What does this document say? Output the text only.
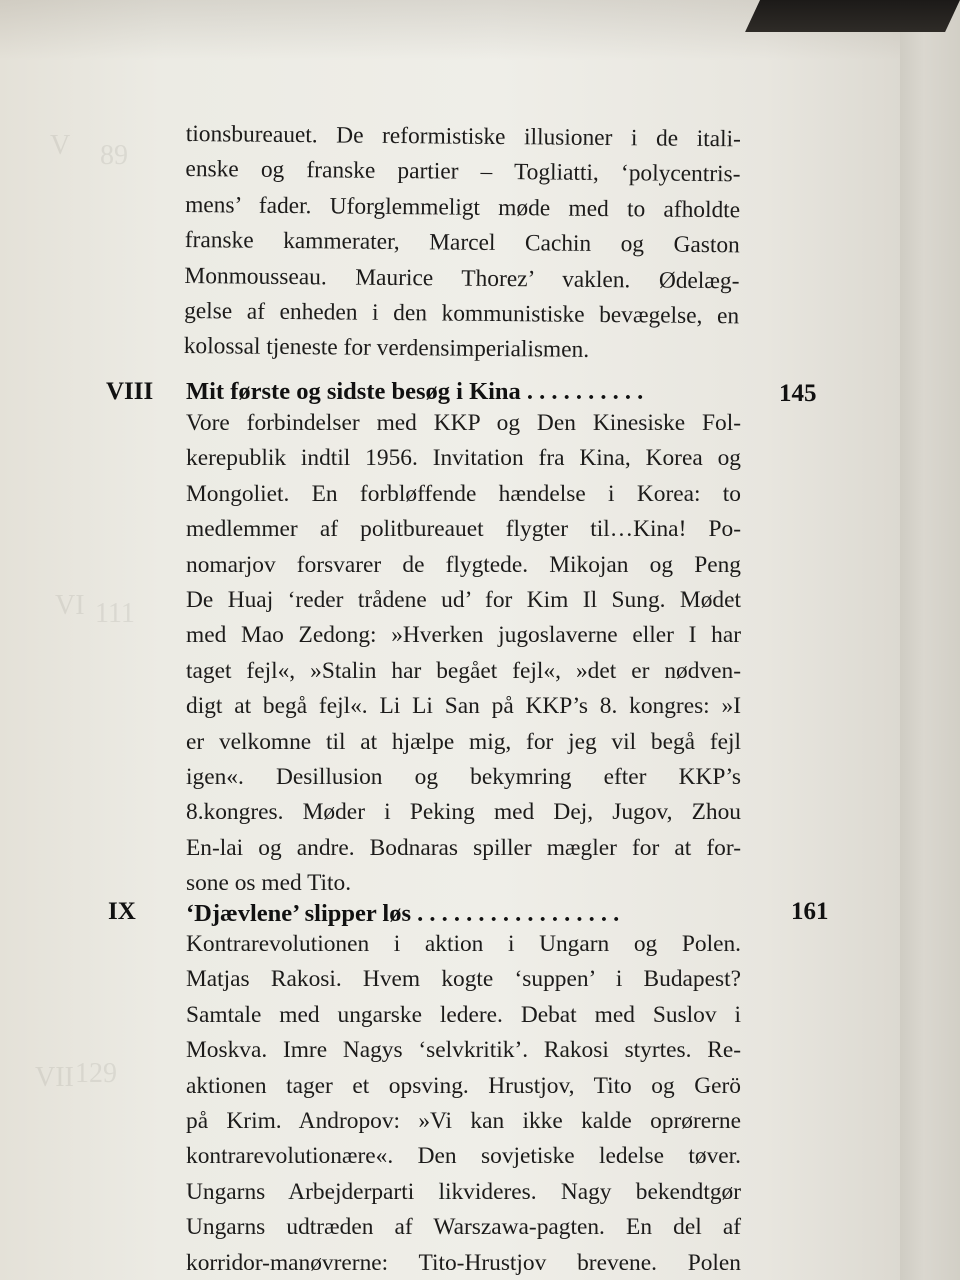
89
V
111
VI
129
VII
tionsbureauet. De reformistiske illusioner i de itali-
enske og franske partier – Togliatti, ‘polycentris-
mens’ fader. Uforglemmeligt møde med to afholdte
franske kammerater, Marcel Cachin og Gaston
Monmousseau. Maurice Thorez’ vaklen. Ødelæg-
gelse af enheden i den kommunistiske bevægelse, en
kolossal tjeneste for verdensimperialismen.
VIII Mit første og sidste besøg i Kina . . . . . . . . . .	145
Vore forbindelser med KKP og Den Kinesiske Fol-
kerepublik indtil 1956. Invitation fra Kina, Korea og
Mongoliet. En forbløffende hændelse i Korea: to
medlemmer af politbureauet flygter til…Kina! Po-
nomarjov forsvarer de flygtede. Mikojan og Peng
De Huaj ‘reder trådene ud’ for Kim Il Sung. Mødet
med Mao Zedong: »Hverken jugoslaverne eller I har
taget fejl«, »Stalin har begået fejl«, »det er nødven-
digt at begå fejl«. Li Li San på KKP’s 8. kongres: »I
er velkomne til at hjælpe mig, for jeg vil begå fejl
igen«. Desillusion og bekymring efter KKP’s
8.kongres. Møder i Peking med Dej, Jugov, Zhou
En-lai og andre. Bodnaras spiller mægler for at for-
sone os med Tito.
IX ‘Djævlene’ slipper løs . . . . . . . . . . . . . . . . .	161
Kontrarevolutionen i aktion i Ungarn og Polen.
Matjas Rakosi. Hvem kogte ‘suppen’ i Budapest?
Samtale med ungarske ledere. Debat med Suslov i
Moskva. Imre Nagys ‘selvkritik’. Rakosi styrtes. Re-
aktionen tager et opsving. Hrustjov, Tito og Gerö
på Krim. Andropov: »Vi kan ikke kalde oprørerne
kontrarevolutionære«. Den sovjetiske ledelse tøver.
Ungarns Arbejderparti likvideres. Nagy bekendtgør
Ungarns udtræden af Warszawa-pagten. En del af
korridor-manøvrerne: Tito-Hrustjov brevene. Polen
